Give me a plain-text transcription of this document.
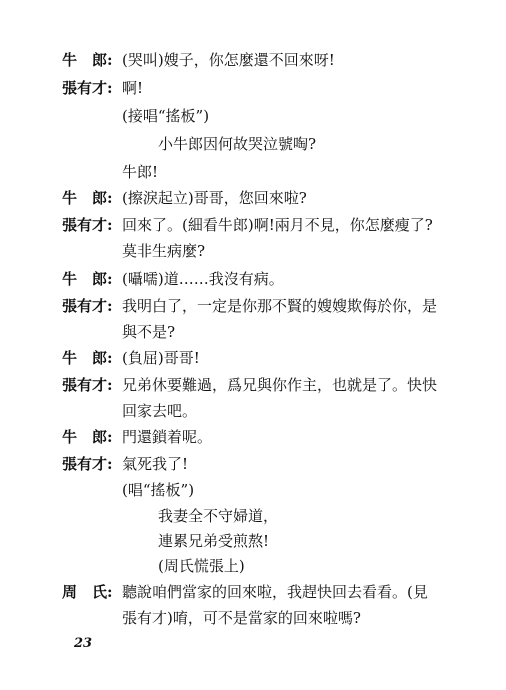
牛　郎: (哭叫)嫂子，你怎麼還不回來呀!
張有才: 啊!
(接唱“搖板”)
小牛郎因何故哭泣號啕?
牛郎!
牛　郎: (擦淚起立)哥哥，您回來啦?
張有才: 回來了。(細看牛郎)啊!兩月不見，你怎麼瘦了?
莫非生病麼?
牛　郎: (囁嚅)道……我沒有病。
張有才: 我明白了，一定是你那不賢的嫂嫂欺侮於你，是
與不是?
牛　郎: (負屈)哥哥!
張有才: 兄弟休要難過，爲兄與你作主，也就是了。快快
回家去吧。
牛　郎: 門還鎖着呢。
張有才: 氣死我了!
(唱“搖板”)
我妻全不守婦道，
連累兄弟受煎熬!
(周氏慌張上)
周　氏: 聽說咱們當家的回來啦，我趕快回去看看。(見
張有才)唷，可不是當家的回來啦嗎?
23
